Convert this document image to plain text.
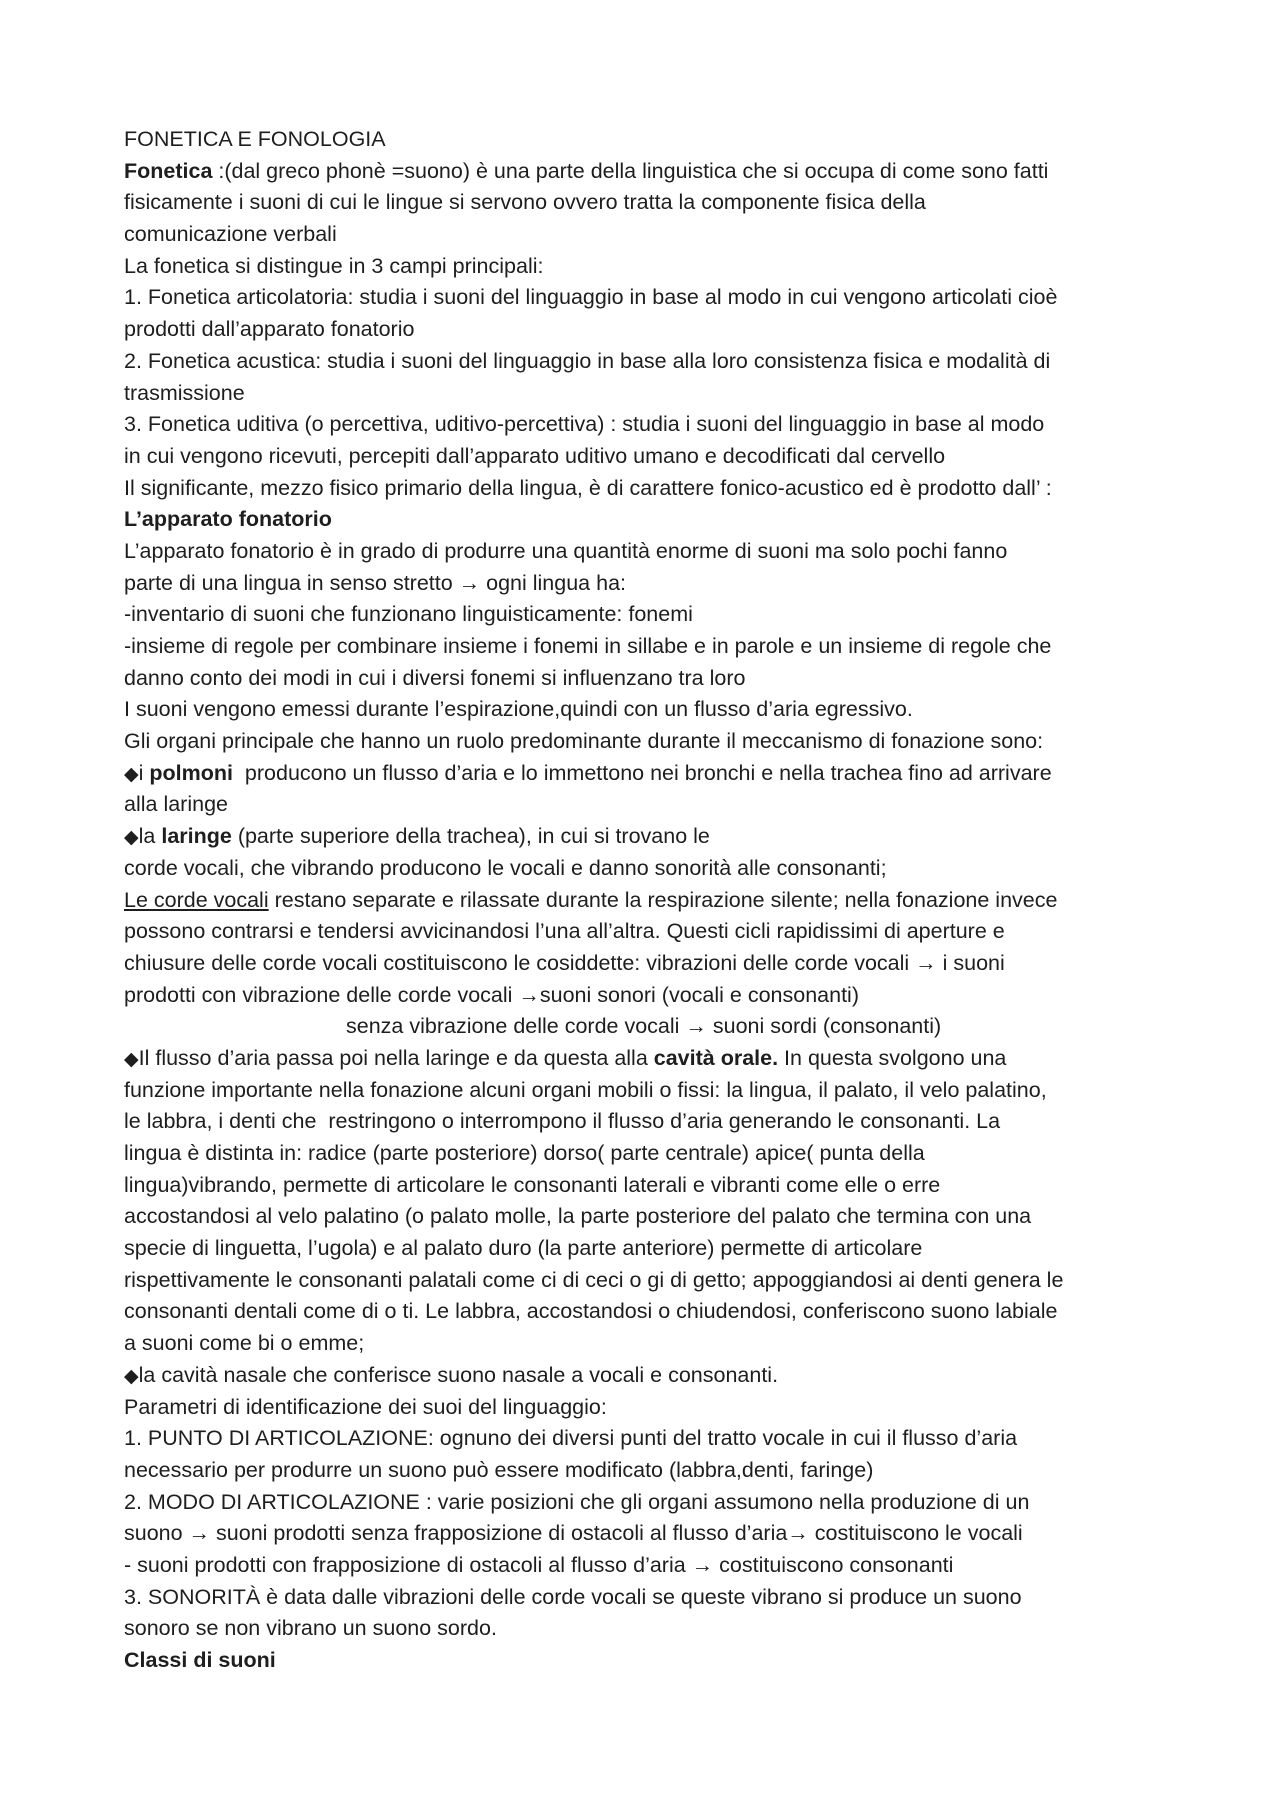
FONETICA E FONOLOGIA
Fonetica :(dal greco phonè =suono) è una parte della linguistica che si occupa di come sono fatti
fisicamente i suoni di cui le lingue si servono ovvero tratta la componente fisica della
comunicazione verbali
La fonetica si distingue in 3 campi principali:
1. Fonetica articolatoria: studia i suoni del linguaggio in base al modo in cui vengono articolati cioè
prodotti dall’apparato fonatorio
2. Fonetica acustica: studia i suoni del linguaggio in base alla loro consistenza fisica e modalità di
trasmissione
3. Fonetica uditiva (o percettiva, uditivo-percettiva) : studia i suoni del linguaggio in base al modo
in cui vengono ricevuti, percepiti dall’apparato uditivo umano e decodificati dal cervello
Il significante, mezzo fisico primario della lingua, è di carattere fonico-acustico ed è prodotto dall’ :
L’apparato fonatorio
L’apparato fonatorio è in grado di produrre una quantità enorme di suoni ma solo pochi fanno
parte di una lingua in senso stretto → ogni lingua ha:
-inventario di suoni che funzionano linguisticamente: fonemi
-insieme di regole per combinare insieme i fonemi in sillabe e in parole e un insieme di regole che
danno conto dei modi in cui i diversi fonemi si influenzano tra loro
I suoni vengono emessi durante l’espirazione,quindi con un flusso d’aria egressivo.
Gli organi principale che hanno un ruolo predominante durante il meccanismo di fonazione sono:
◆i polmoni  producono un flusso d’aria e lo immettono nei bronchi e nella trachea fino ad arrivare
alla laringe
◆la laringe (parte superiore della trachea), in cui si trovano le
corde vocali, che vibrando producono le vocali e danno sonorità alle consonanti;
Le corde vocali restano separate e rilassate durante la respirazione silente; nella fonazione invece
possono contrarsi e tendersi avvicinandosi l’una all’altra. Questi cicli rapidissimi di aperture e
chiusure delle corde vocali costituiscono le cosiddette: vibrazioni delle corde vocali → i suoni
prodotti con vibrazione delle corde vocali →suoni sonori (vocali e consonanti)
senza vibrazione delle corde vocali → suoni sordi (consonanti)
◆Il flusso d’aria passa poi nella laringe e da questa alla cavità orale. In questa svolgono una
funzione importante nella fonazione alcuni organi mobili o fissi: la lingua, il palato, il velo palatino,
le labbra, i denti che  restringono o interrompono il flusso d’aria generando le consonanti. La
lingua è distinta in: radice (parte posteriore) dorso( parte centrale) apice( punta della
lingua)vibrando, permette di articolare le consonanti laterali e vibranti come elle o erre
accostandosi al velo palatino (o palato molle, la parte posteriore del palato che termina con una
specie di linguetta, l’ugola) e al palato duro (la parte anteriore) permette di articolare
rispettivamente le consonanti palatali come ci di ceci o gi di getto; appoggiandosi ai denti genera le
consonanti dentali come di o ti. Le labbra, accostandosi o chiudendosi, conferiscono suono labiale
a suoni come bi o emme;
◆la cavità nasale che conferisce suono nasale a vocali e consonanti.
Parametri di identificazione dei suoi del linguaggio:
1. PUNTO DI ARTICOLAZIONE: ognuno dei diversi punti del tratto vocale in cui il flusso d’aria
necessario per produrre un suono può essere modificato (labbra,denti, faringe)
2. MODO DI ARTICOLAZIONE : varie posizioni che gli organi assumono nella produzione di un
suono → suoni prodotti senza frapposizione di ostacoli al flusso d’aria→ costituiscono le vocali
- suoni prodotti con frapposizione di ostacoli al flusso d’aria → costituiscono consonanti
3. SONORITÀ è data dalle vibrazioni delle corde vocali se queste vibrano si produce un suono
sonoro se non vibrano un suono sordo.
Classi di suoni
